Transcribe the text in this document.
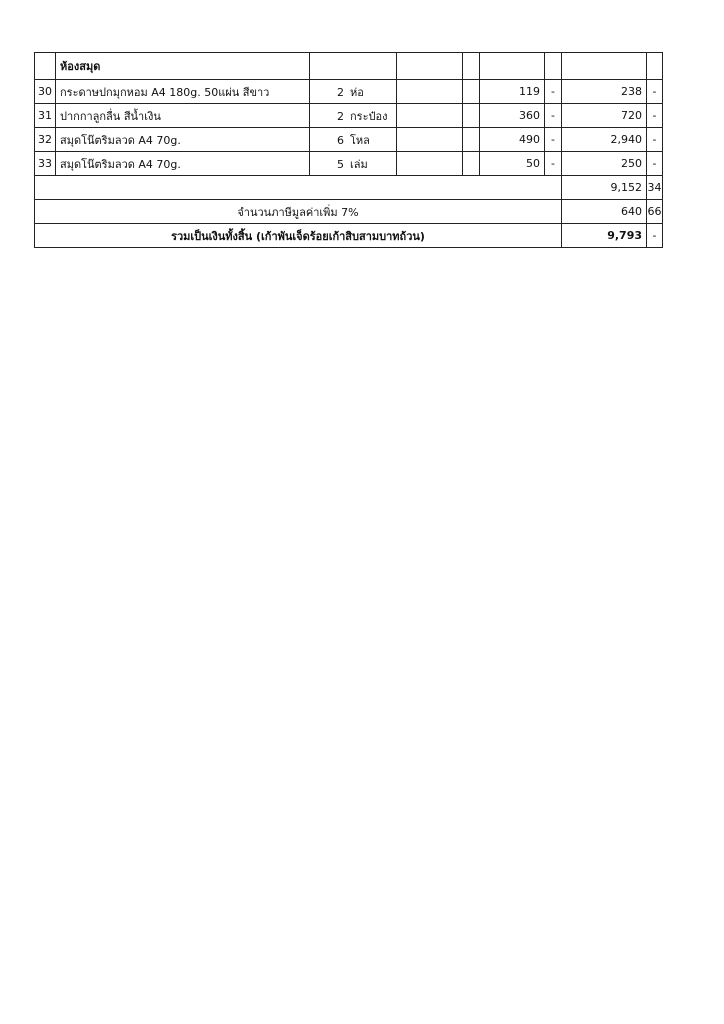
	ห้องสมุด							
30	กระดาษปกมุกหอม A4 180g. 50แผ่น สีขาว	2 ห่อ			119	-	238	-
31	ปากกาลูกลื่น สีน้ำเงิน	2 กระป๋อง			360	-	720	-
32	สมุดโน๊ตริมลวด A4 70g.	6 โหล			490	-	2,940	-
33	สมุดโน๊ตริมลวด A4 70g.	5 เล่ม			50	-	250	-
							9,152	34
จำนวนภาษีมูลค่าเพิ่ม 7%							640	66
รวมเป็นเงินทั้งสิ้น (เก้าพันเจ็ดร้อยเก้าสิบสามบาทถ้วน)							9,793	-
